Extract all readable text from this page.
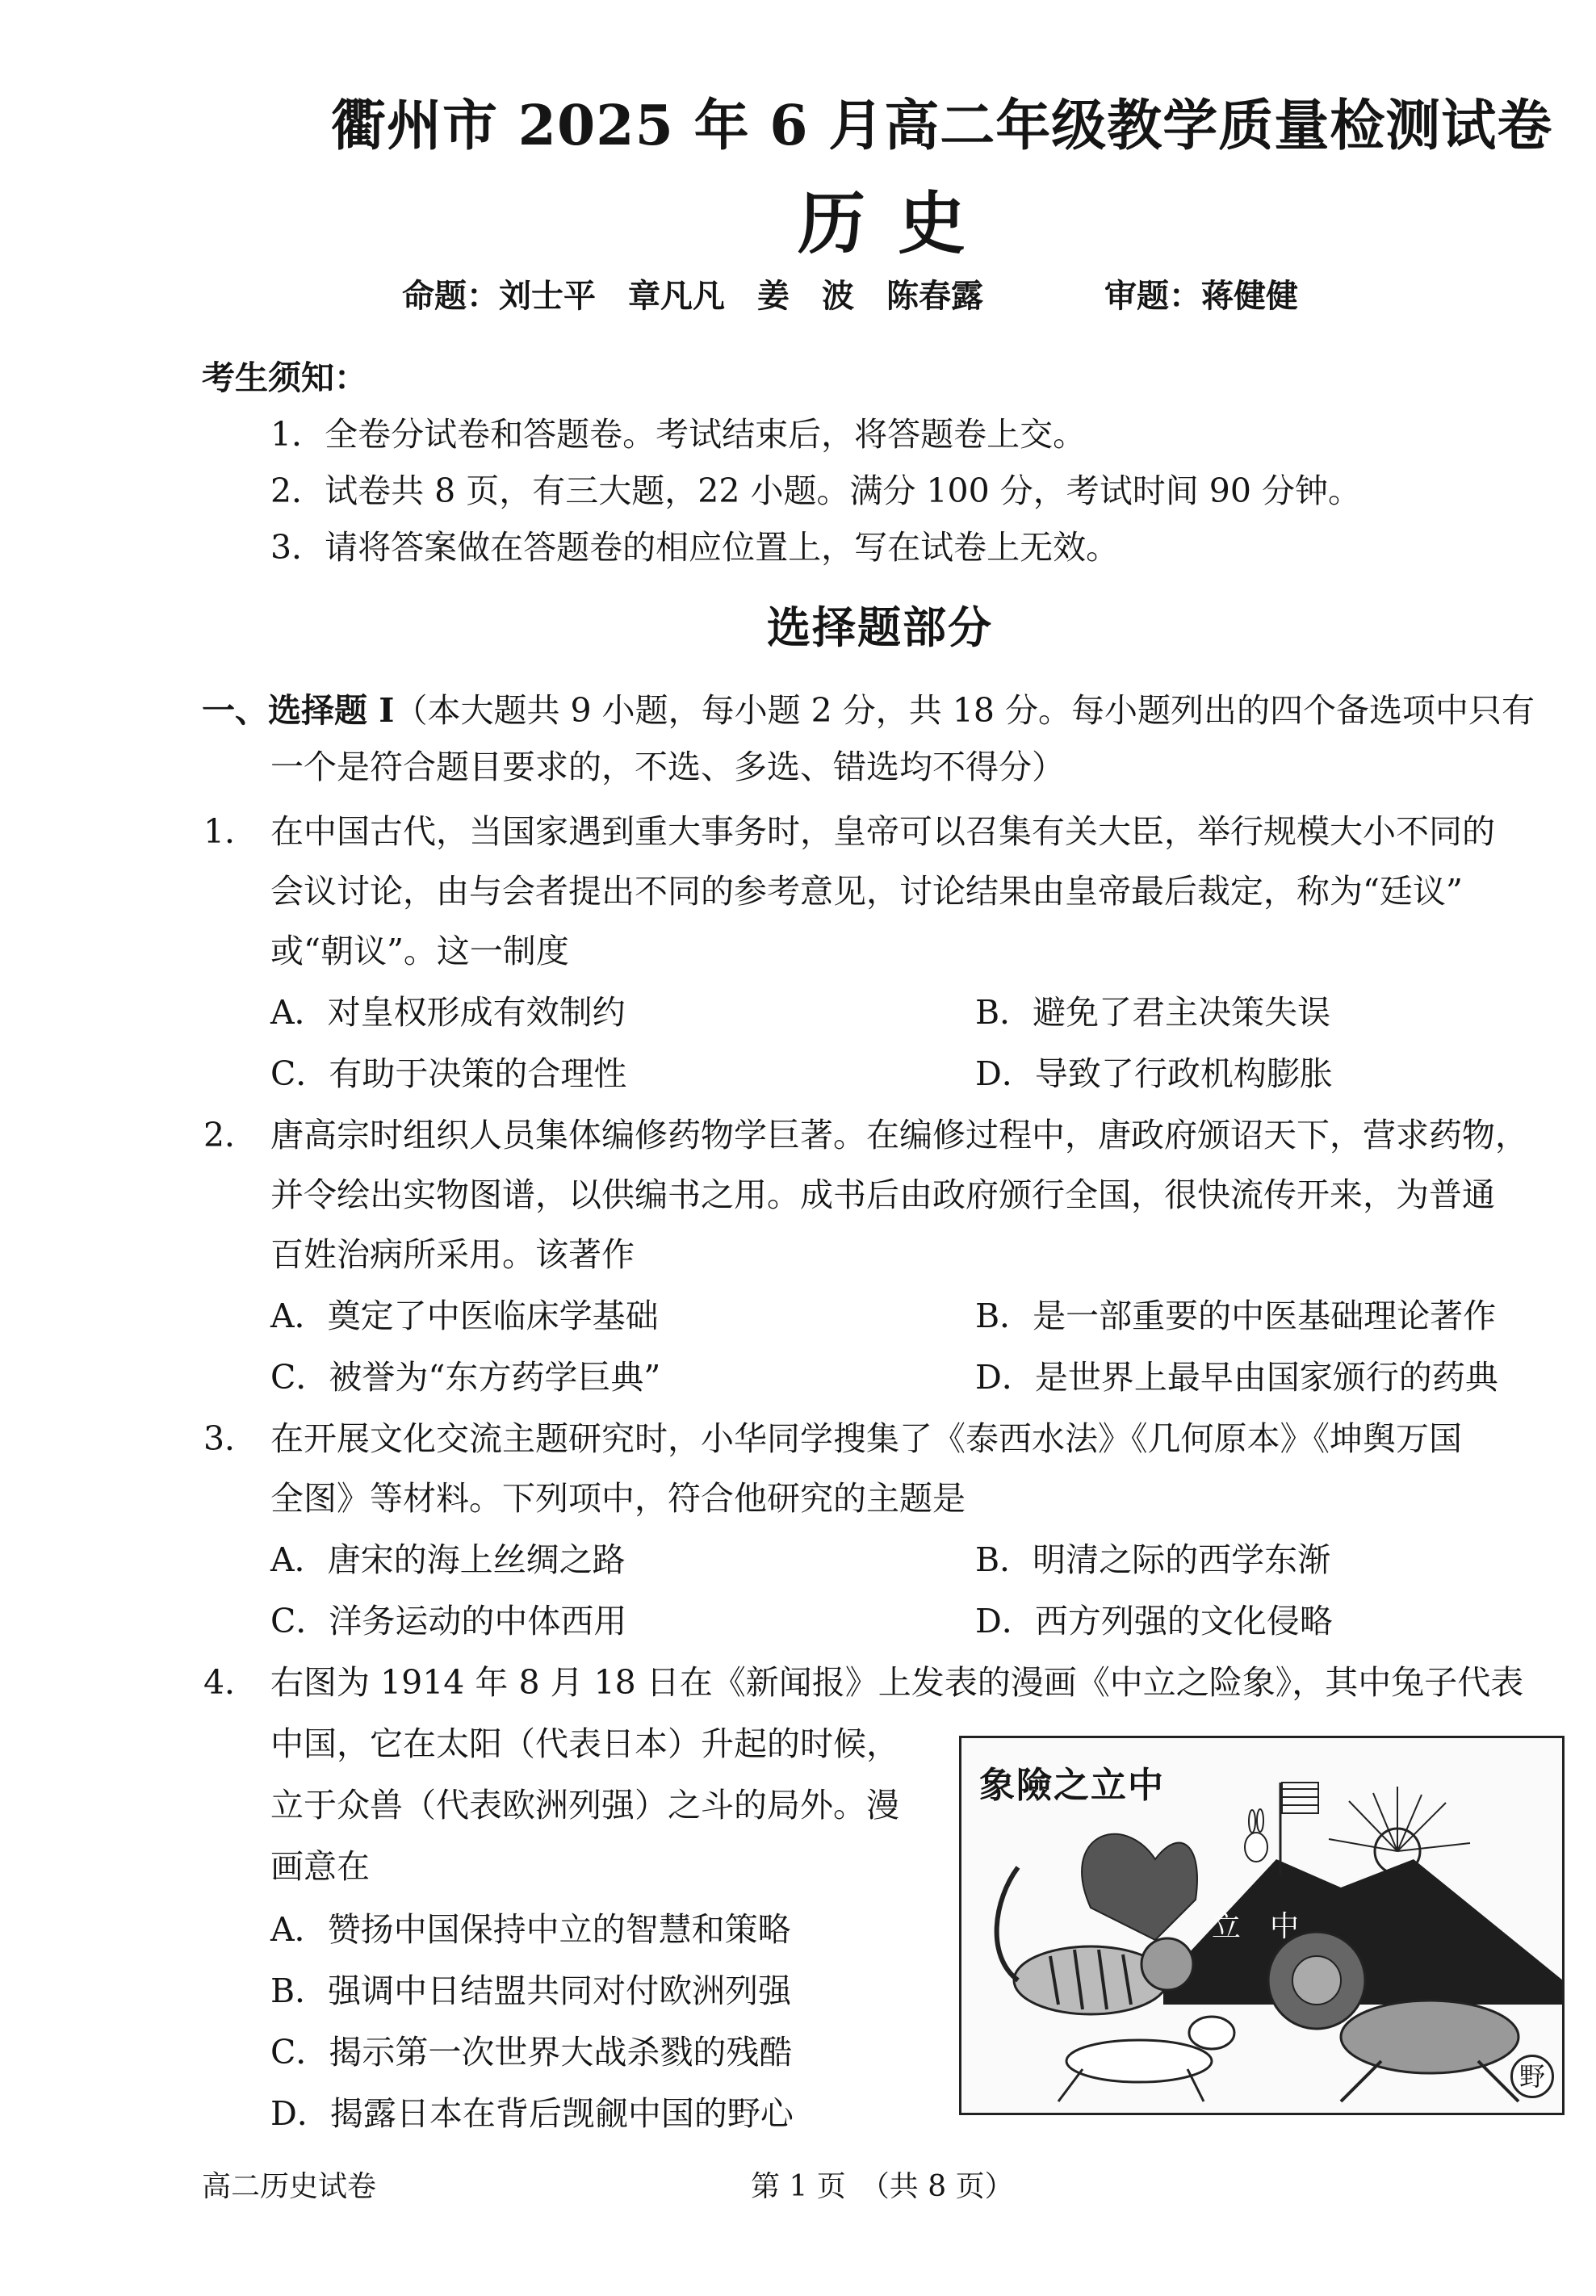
衢州市 2025 年 6 月高二年级教学质量检测试卷
历史
命题：刘士平　章凡凡　姜　波　陈春露	审题：蒋健健
考生须知：
1．全卷分试卷和答题卷。考试结束后，将答题卷上交。
2．试卷共 8 页，有三大题，22 小题。满分 100 分，考试时间 90 分钟。
3．请将答案做在答题卷的相应位置上，写在试卷上无效。
选择题部分
一、选择题 I（本大题共 9 小题，每小题 2 分，共 18 分。每小题列出的四个备选项中只有
一个是符合题目要求的，不选、多选、错选均不得分）
1． 在中国古代，当国家遇到重大事务时，皇帝可以召集有关大臣，举行规模大小不同的
会议讨论，由与会者提出不同的参考意见，讨论结果由皇帝最后裁定，称为“廷议”
或“朝议”。这一制度
A．对皇权形成有效制约	B．避免了君主决策失误
C．有助于决策的合理性	D．导致了行政机构膨胀
2． 唐高宗时组织人员集体编修药物学巨著。在编修过程中，唐政府颁诏天下，营求药物，
并令绘出实物图谱，以供编书之用。成书后由政府颁行全国，很快流传开来，为普通
百姓治病所采用。该著作
A．奠定了中医临床学基础	B．是一部重要的中医基础理论著作
C．被誉为“东方药学巨典”	D．是世界上最早由国家颁行的药典
3． 在开展文化交流主题研究时，小华同学搜集了《泰西水法》《几何原本》《坤舆万国
全图》等材料。下列项中，符合他研究的主题是
A．唐宋的海上丝绸之路	B．明清之际的西学东渐
C．洋务运动的中体西用	D．西方列强的文化侵略
4． 右图为 1914 年 8 月 18 日在《新闻报》上发表的漫画《中立之险象》，其中兔子代表
中国，它在太阳（代表日本）升起的时候，
立于众兽（代表欧洲列强）之斗的局外。漫
画意在
A．赞扬中国保持中立的智慧和策略
B．强调中日结盟共同对付欧洲列强
C．揭示第一次世界大战杀戮的残酷
D．揭露日本在背后觊觎中国的野心
象險之立中
立　中
野
高二历史试卷	第 1 页　（共 8 页）
